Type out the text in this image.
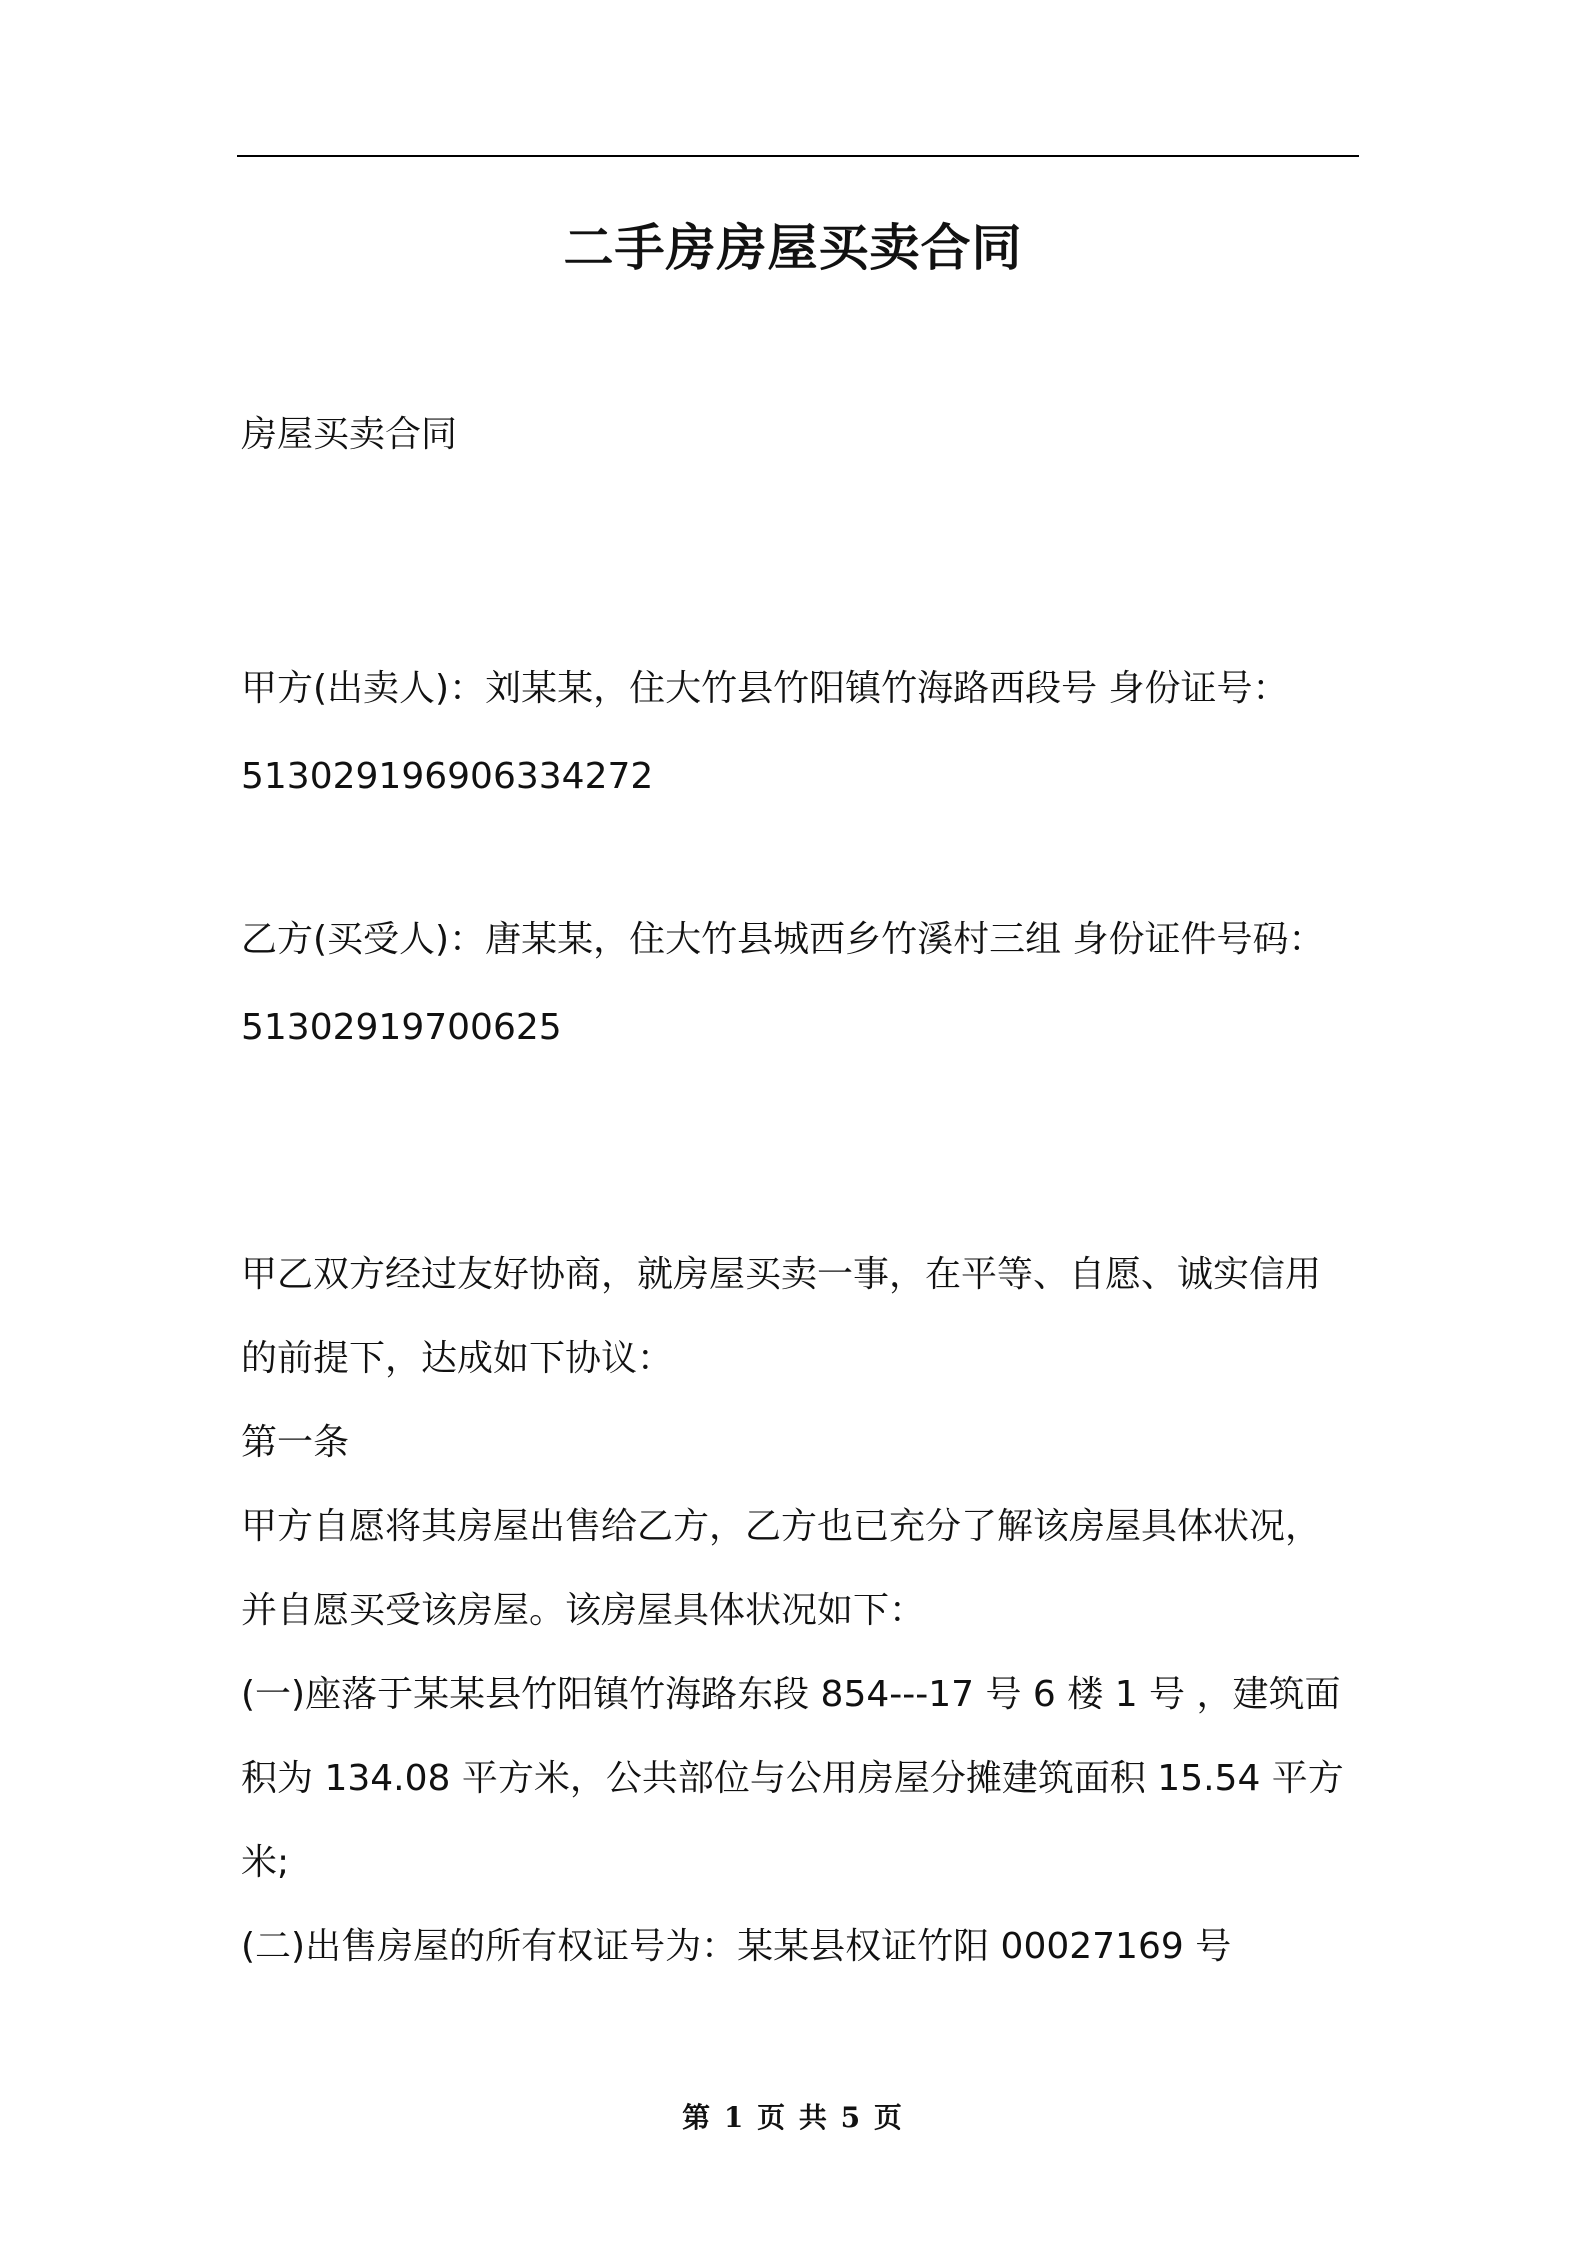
二手房房屋买卖合同
房屋买卖合同
甲方(出卖人)：刘某某，住大竹县竹阳镇竹海路西段号 身份证号：
51302919690633427​2
乙方(买受人)：唐某某，住大竹县城西乡竹溪村三组 身份证件号码：
51302919700625
甲乙双方经过友好协商，就房屋买卖一事，在平等、自愿、诚实信用
的前提下，达成如下协议：
第一条
甲方自愿将其房屋出售给乙方，乙方也已充分了解该房屋具体状况，
并自愿买受该房屋。该房屋具体状况如下：
(一)座落于某某县竹阳镇竹海路东段 854---17 号 6 楼 1 号 ，建筑面
积为 134.08 平方米，公共部位与公用房屋分摊建筑面积 15.54 平方
米;
(二)出售房屋的所有权证号为：某某县权证竹阳 00027169 号
第 1 页 共 5 页
